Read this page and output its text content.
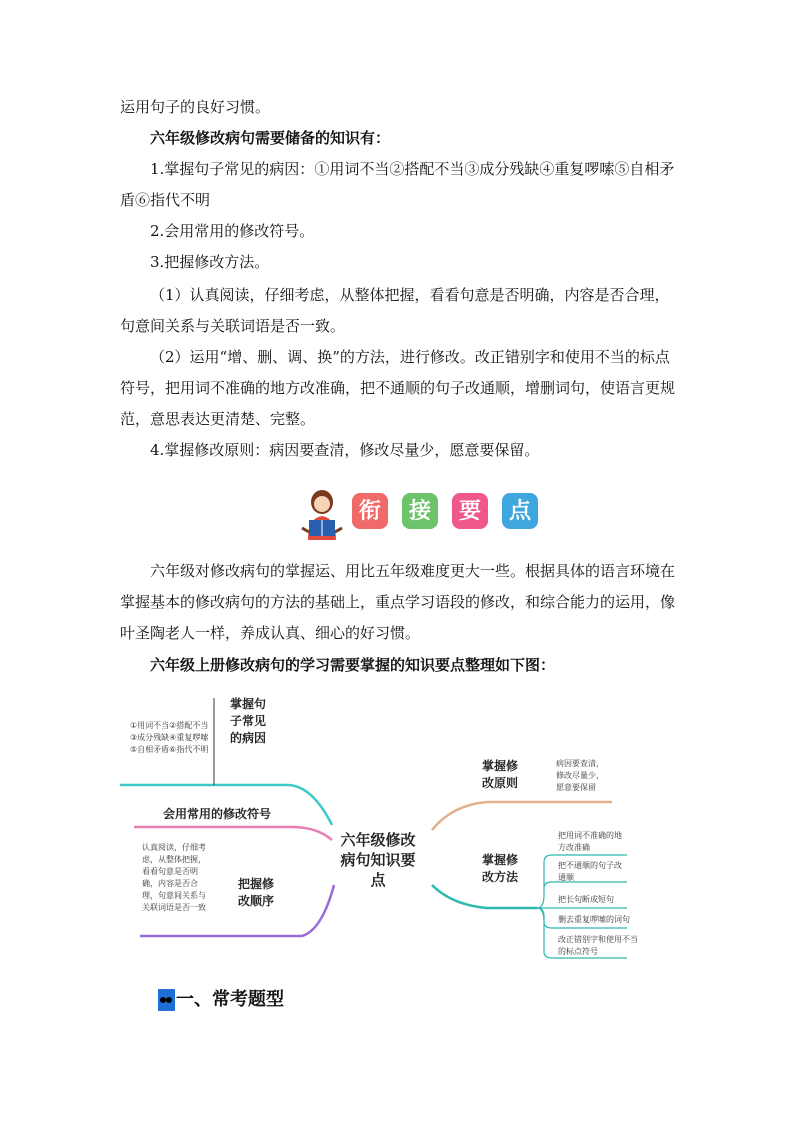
运用句子的良好习惯。

六年级修改病句需要储备的知识有：

1.掌握句子常见的病因：①用词不当②搭配不当③成分残缺④重复啰嗦⑤自相矛盾⑥指代不明

2.会用常用的修改符号。

3.把握修改方法。

（1）认真阅读，仔细考虑，从整体把握，看看句意是否明确，内容是否合理，句意间关系与关联词语是否一致。

（2）运用“增、删、调、换”的方法，进行修改。改正错别字和使用不当的标点符号，把用词不准确的地方改准确，把不通顺的句子改通顺，增删词句，使语言更规范，意思表达更清楚、完整。

4.掌握修改原则：病因要查清，修改尽量少，愿意要保留。

衔	接	要	点

六年级对修改病句的掌握运、用比五年级难度更大一些。根据具体的语言环境在掌握基本的修改病句的方法的基础上，重点学习语段的修改，和综合能力的运用，像叶圣陶老人一样，养成认真、细心的好习惯。

六年级上册修改病句的学习需要掌握的知识要点整理如下图：

①用词不当②搭配不当③成分残缺④重复啰嗦⑤自相矛盾⑥指代不明
掌握句子常见的病因
会用常用的修改符号
认真阅读，仔细考虑，从整体把握，看看句意是否明确，内容是否合理，句意间关系与关联词语是否一致
把握修改顺序
六年级修改病句知识要点
掌握修改原则
病因要查清，修改尽量少，愿意要保留
掌握修改方法
把用词不准确的地方改准确
把不通顺的句子改通顺
把长句断成短句
删去重复啰嗦的词句
改正错别字和使用不当的标点符号
一、常考题型
